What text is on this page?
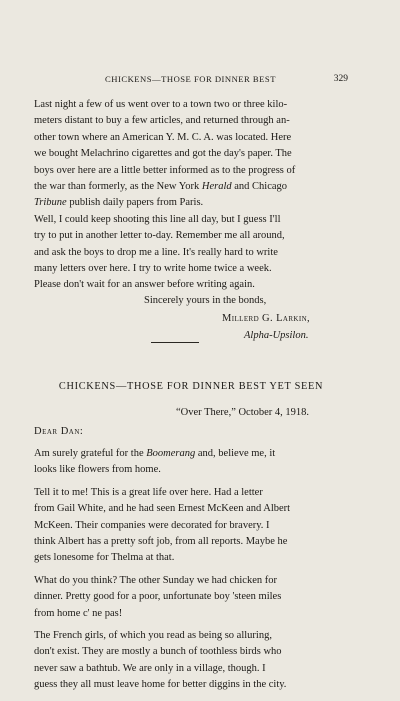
CHICKENS—THOSE FOR DINNER BEST	329
Last night a few of us went over to a town two or three kilo-
meters distant to buy a few articles, and returned through an-
other town where an American Y. M. C. A. was located. Here
we bought Melachrino cigarettes and got the day's paper. The
boys over here are a little better informed as to the progress of
the war than formerly, as the New York Herald and Chicago
Tribune publish daily papers from Paris.
Well, I could keep shooting this line all day, but I guess I'll
try to put in another letter to-day. Remember me all around,
and ask the boys to drop me a line. It's really hard to write
many letters over here. I try to write home twice a week.
Please don't wait for an answer before writing again.
Sincerely yours in the bonds,
Millerd G. Larkin,
Alpha-Upsilon.
CHICKENS—THOSE FOR DINNER BEST YET SEEN
“Over There,” October 4, 1918.
Dear Dan:
Am surely grateful for the Boomerang and, believe me, it
looks like flowers from home.
Tell it to me! This is a great life over here. Had a letter
from Gail White, and he had seen Ernest McKeen and Albert
McKeen. Their companies were decorated for bravery. I
think Albert has a pretty soft job, from all reports. Maybe he
gets lonesome for Thelma at that.
What do you think? The other Sunday we had chicken for
dinner. Pretty good for a poor, unfortunate boy 'steen miles
from home c' ne pas!
The French girls, of which you read as being so alluring,
don't exist. They are mostly a bunch of toothless birds who
never saw a bathtub. We are only in a village, though. I
guess they all must leave home for better diggins in the city.
